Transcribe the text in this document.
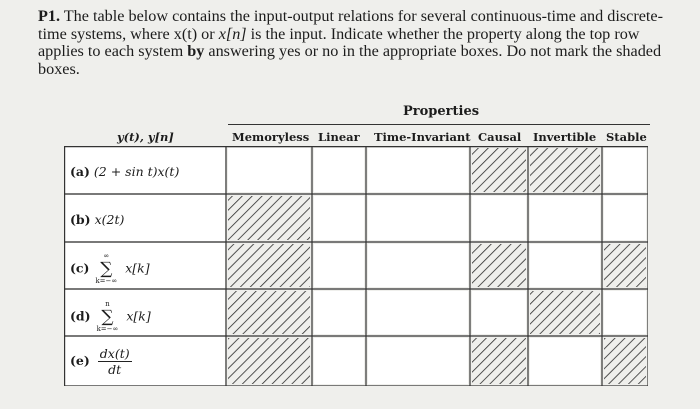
P1. The table below contains the input-output relations for several continuous-time and discrete-time systems, where x(t) or x[n] is the input. Indicate whether the property along the top row applies to each system by answering yes or no in the appropriate boxes. Do not mark the shaded boxes.
Properties
y(t), y[n]	Memoryless Linear Time-Invariant Causal Invertible Stable
(a) (2 + sin t)x(t)
(b) x(2t)
(c)
∞
∑
k=−∞
x[k]
(d)
n
∑
k=−∞
x[k]
$(e) \frac{dx(t)}{dt}$
